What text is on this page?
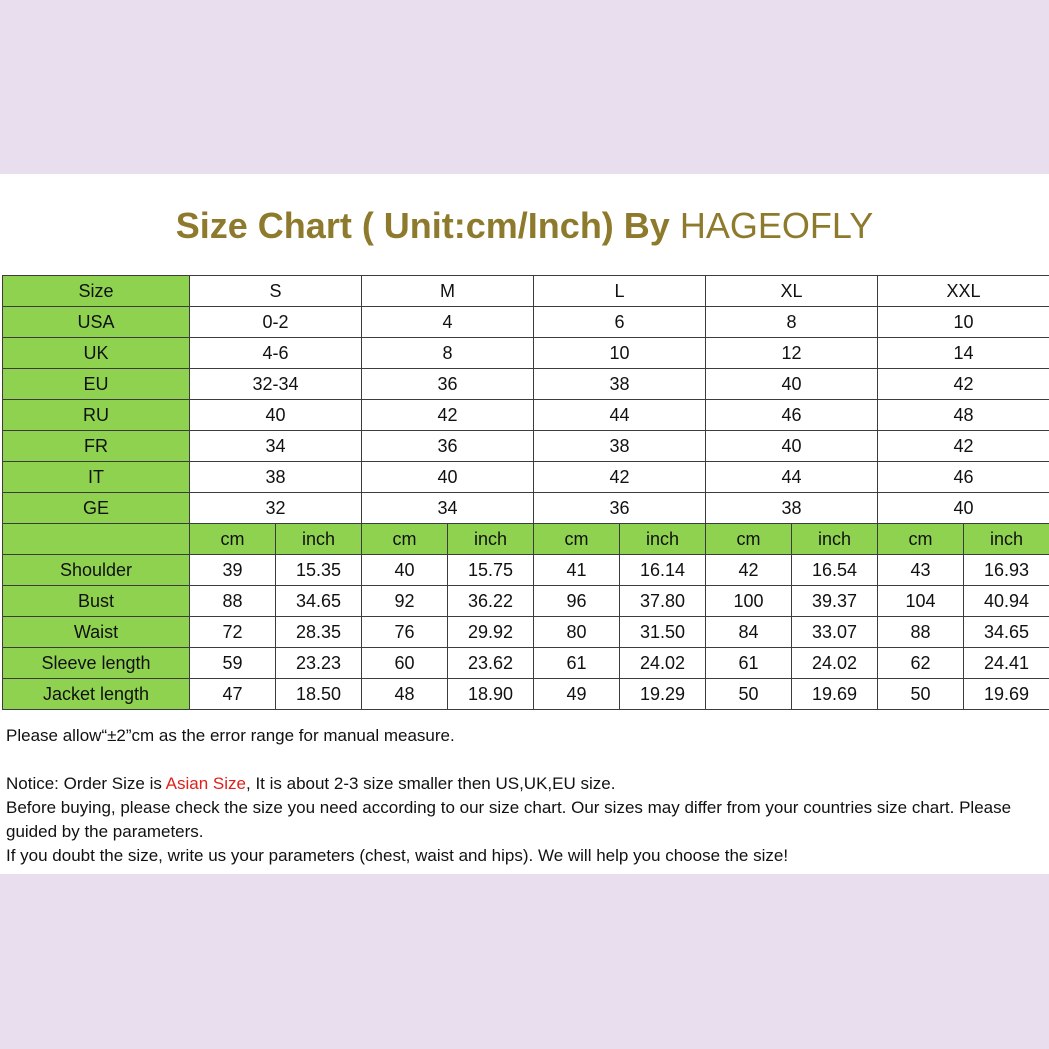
Size Chart ( Unit:cm/Inch) By HAGEOFLY
Size	S		M		L		XL		XXL	
USA	0-2		4		6		8		10	
UK	4-6		8		10		12		14	
EU	32-34		36		38		40		42	
RU	40		42		44		46		48	
FR	34		36		38		40		42	
IT	38		40		42		44		46	
GE	32		34		36		38		40	
	cm	inch	cm	inch	cm	inch	cm	inch	cm	inch
Shoulder	39	15.35	40	15.75	41	16.14	42	16.54	43	16.93
Bust	88	34.65	92	36.22	96	37.80	100	39.37	104	40.94
Waist	72	28.35	76	29.92	80	31.50	84	33.07	88	34.65
Sleeve length	59	23.23	60	23.62	61	24.02	61	24.02	62	24.41
Jacket length	47	18.50	48	18.90	49	19.29	50	19.69	50	19.69

Please allow“±2”cm as the error range for manual measure.

Notice: Order Size is Asian Size, It is about 2-3 size smaller then US,UK,EU size.

Before buying, please check the size you need according to our size chart. Our sizes may differ from your countries size chart. Please guided by the parameters.

If you doubt the size, write us your parameters (chest, waist and hips). We will help you choose the size!
